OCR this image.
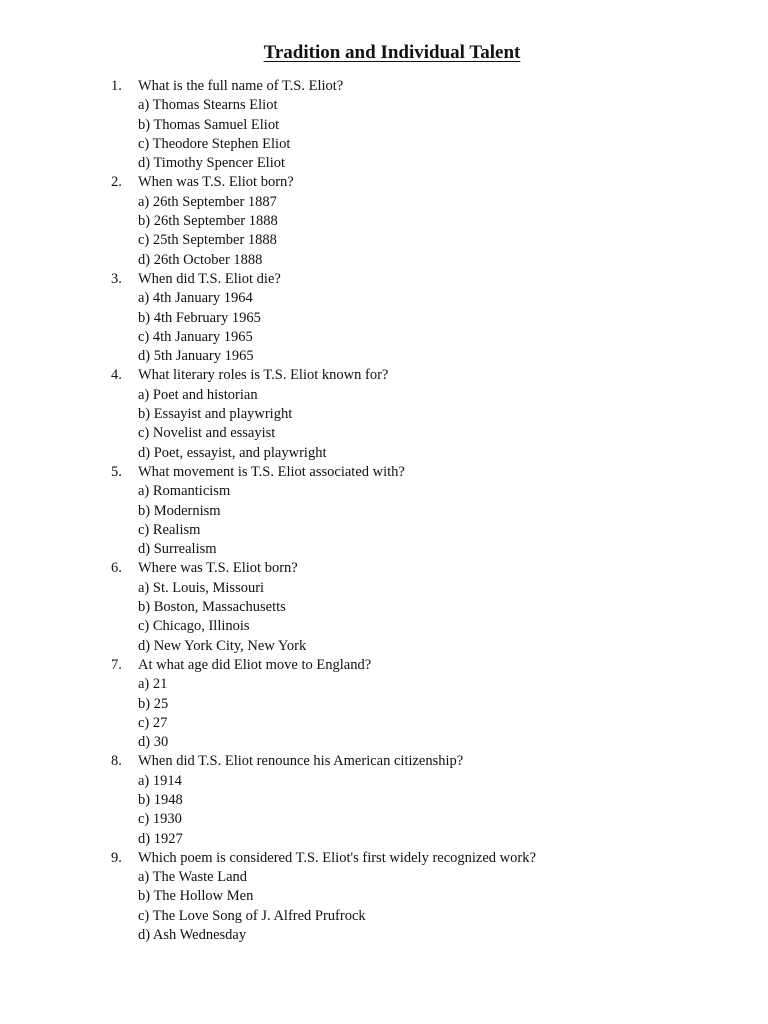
Tradition and Individual Talent
1.	What is the full name of T.S. Eliot?
a) Thomas Stearns Eliot
b) Thomas Samuel Eliot
c) Theodore Stephen Eliot
d) Timothy Spencer Eliot
2.	When was T.S. Eliot born?
a) 26th September 1887
b) 26th September 1888
c) 25th September 1888
d) 26th October 1888
3.	When did T.S. Eliot die?
a) 4th January 1964
b) 4th February 1965
c) 4th January 1965
d) 5th January 1965
4.	What literary roles is T.S. Eliot known for?
a) Poet and historian
b) Essayist and playwright
c) Novelist and essayist
d) Poet, essayist, and playwright
5.	What movement is T.S. Eliot associated with?
a) Romanticism
b) Modernism
c) Realism
d) Surrealism
6.	Where was T.S. Eliot born?
a) St. Louis, Missouri
b) Boston, Massachusetts
c) Chicago, Illinois
d) New York City, New York
7.	At what age did Eliot move to England?
a) 21
b) 25
c) 27
d) 30
8.	When did T.S. Eliot renounce his American citizenship?
a) 1914
b) 1948
c) 1930
d) 1927
9.	Which poem is considered T.S. Eliot's first widely recognized work?
a) The Waste Land
b) The Hollow Men
c) The Love Song of J. Alfred Prufrock
d) Ash Wednesday
